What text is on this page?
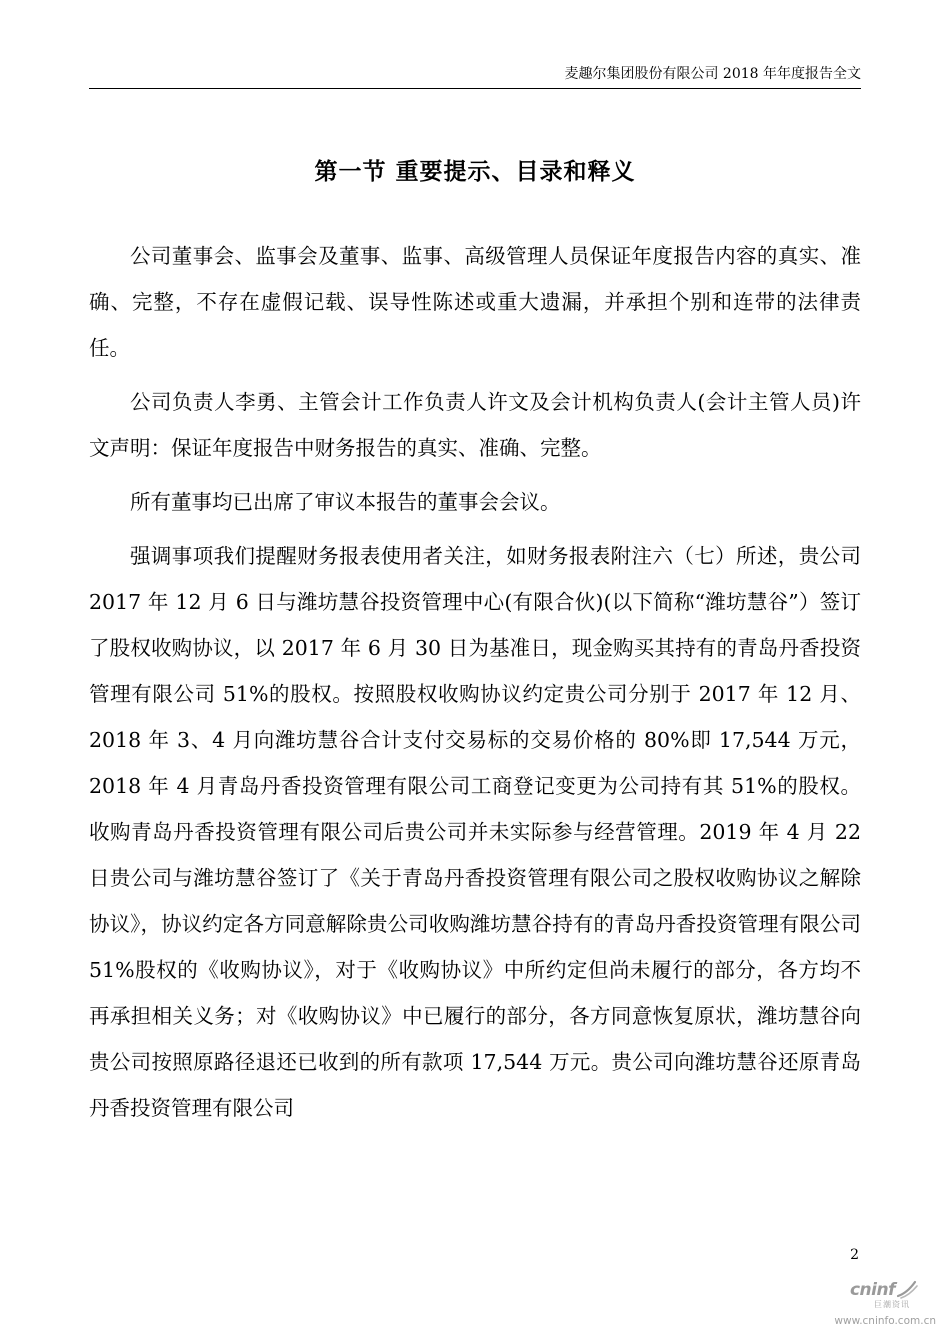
麦趣尔集团股份有限公司 2018 年年度报告全文
第一节 重要提示、目录和释义

公司董事会、监事会及董事、监事、高级管理人员保证年度报告内容的真实、准确、完整，不存在虚假记载、误导性陈述或重大遗漏，并承担个别和连带的法律责任。

公司负责人李勇、主管会计工作负责人许文及会计机构负责人(会计主管人员)许文声明：保证年度报告中财务报告的真实、准确、完整。

所有董事均已出席了审议本报告的董事会会议。

强调事项我们提醒财务报表使用者关注，如财务报表附注六（七）所述，贵公司 2017 年 12 月 6 日与潍坊慧谷投资管理中心(有限合伙)(以下简称“潍坊慧谷”）签订了股权收购协议，以 2017 年 6 月 30 日为基准日，现金购买其持有的青岛丹香投资管理有限公司 51%的股权。按照股权收购协议约定贵公司分别于 2017 年 12 月、2018 年 3、4 月向潍坊慧谷合计支付交易标的交易价格的 80%即 17,544 万元，2018 年 4 月青岛丹香投资管理有限公司工商登记变更为公司持有其 51%的股权。收购青岛丹香投资管理有限公司后贵公司并未实际参与经营管理。2019 年 4 月 22 日贵公司与潍坊慧谷签订了《关于青岛丹香投资管理有限公司之股权收购协议之解除协议》，协议约定各方同意解除贵公司收购潍坊慧谷持有的青岛丹香投资管理有限公司 51%股权的《收购协议》，对于《收购协议》中所约定但尚未履行的部分，各方均不再承担相关义务；对《收购协议》中已履行的部分，各方同意恢复原状，潍坊慧谷向贵公司按照原路径退还已收到的所有款项 17,544 万元。贵公司向潍坊慧谷还原青岛丹香投资管理有限公司

2
cninf
巨潮资讯
www.cninfo.com.cn
